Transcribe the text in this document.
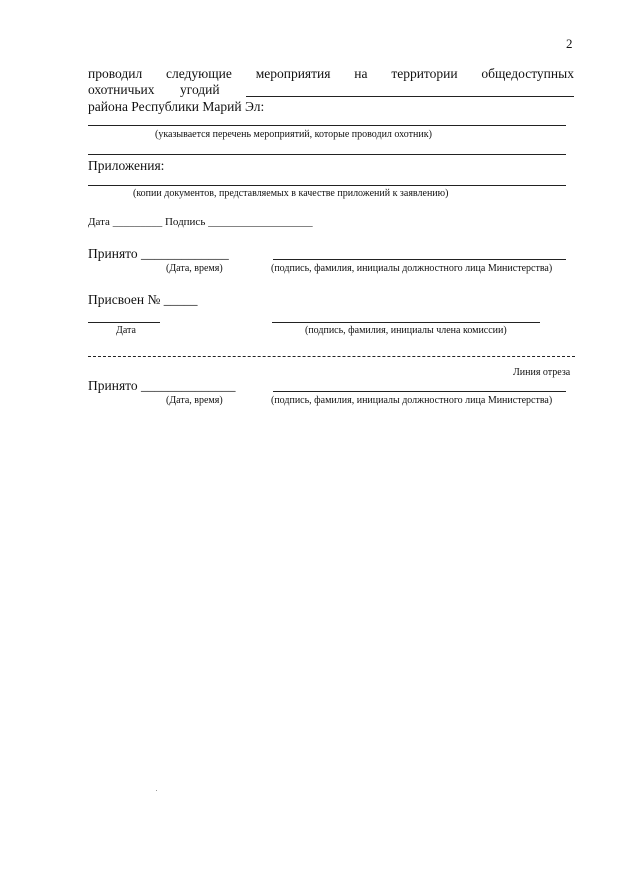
2
проводил следующие мероприятия на территории общедоступных
охотничьих угодий
района Республики Марий Эл:
(указывается перечень мероприятий, которые проводил охотник)
Приложения:
(копии документов, представляемых в качестве приложений к заявлению)
Дата _________ Подпись ___________________
Принято _____________
(Дата, время)	(подпись, фамилия, инициалы должностного лица Министерства)
Присвоен № _____
Дата	(подпись, фамилия, инициалы члена комиссии)
Линия отреза
Принято ______________
(Дата, время)	(подпись, фамилия, инициалы должностного лица Министерства)
